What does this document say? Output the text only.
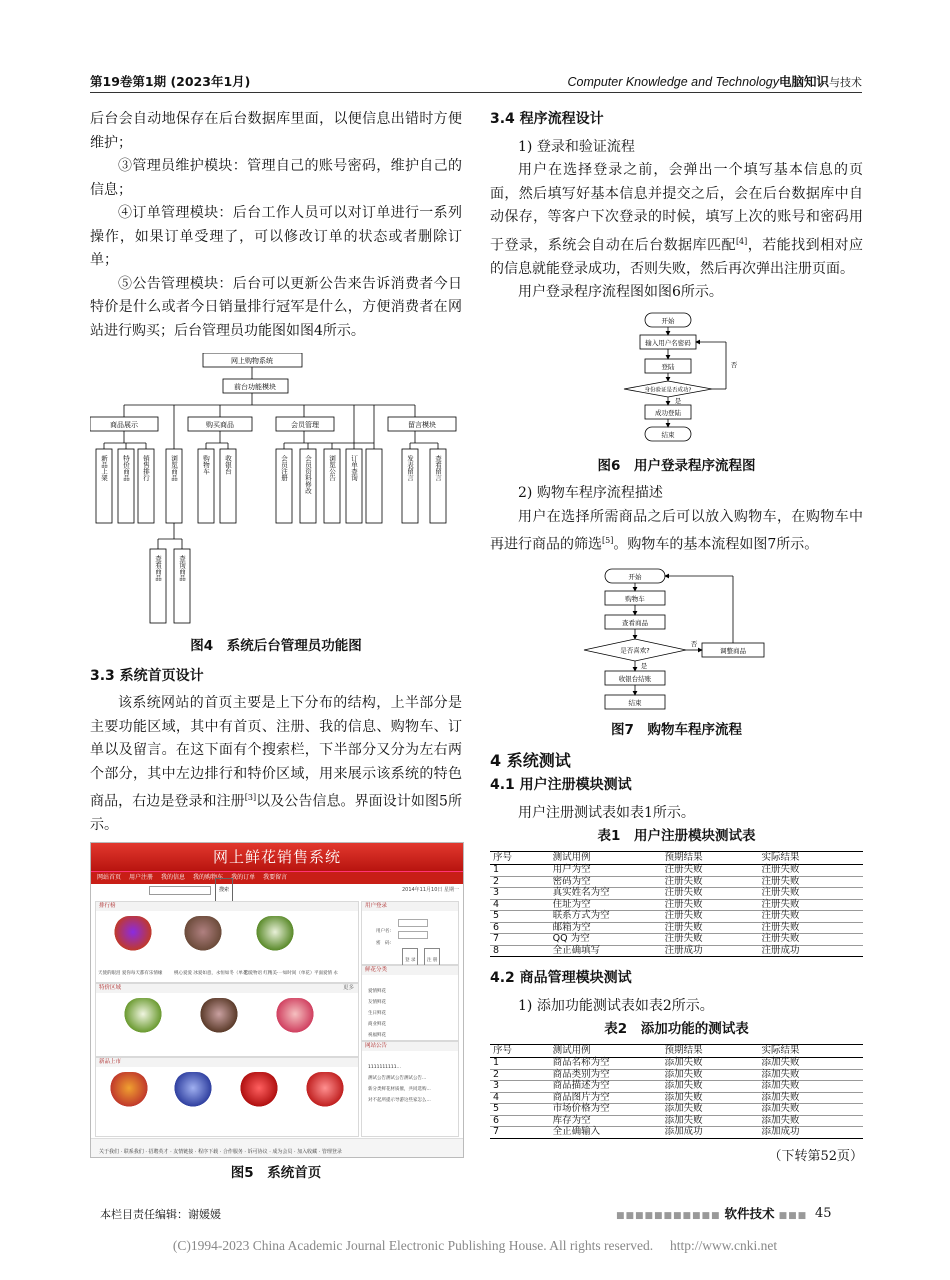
第19卷第1期 (2023年1月)	Computer Knowledge and Technology电脑知识与技术

后台会自动地保存在后台数据库里面，以便信息出错时方便维护；

③管理员维护模块：管理自己的账号密码，维护自己的信息；

④订单管理模块：后台工作人员可以对订单进行一系列操作，如果订单受理了，可以修改订单的状态或者删除订单；

⑤公告管理模块：后台可以更新公告来告诉消费者今日特价是什么或者今日销量排行冠军是什么，方便消费者在网站进行购买；后台管理员功能图如图4所示。

网上购物系统
前台功能模块
商品展示	购买商品	会员管理	留言模块
新品上架 特价商品 销售排行	浏览商品	购物车 收银台	会员注册 会员资料修改 浏览公告 订单查询	发表留言	查看留言
查看商品 查询商品
图4　系统后台管理员功能图
3.3 系统首页设计

该系统网站的首页主要是上下分布的结构，上半部分是主要功能区域，其中有首页、注册、我的信息、购物车、订单以及留言。在这下面有个搜索栏，下半部分又分为左右两个部分，其中左边排行和特价区域，用来展示该系统的特色商品，右边是登录和注册[3]以及公告信息。界面设计如图5所示。

网上鲜花销售系统
网站首页 用户注册 我的信息 我的购物车 我的订单 我要留言
搜索	2014年11月10日 星期一
排行榜
天使的眼泪 爱你每天都有乐情缘	桃心爱爱 冰爱如意，永恒如冬（单花）
恋爱物语 红精美·一如时间（单花） 平面爱情 永
特价区域	更多
新品上市
用户登录
用户名:
密　码:
登 录	注 册
鲜花分类
爱情鲜花
友情鲜花
生日鲜花
商业鲜花
祝福鲜花
网站公告
1111111111...
测试公告测试公告测试公告...
新分类鲜花材质催，共同选购...
对不起所提示导游这些家怎么...
关于我们 · 联系我们 · 招聘英才 · 友情链接 · 程序下载 · 合作服务 · 诉可协议 · 成为会员 · 加入收藏 · 管理登录
图5　系统首页
3.4 程序流程设计

1) 登录和验证流程

用户在选择登录之前，会弹出一个填写基本信息的页面，然后填写好基本信息并提交之后，会在后台数据库中自动保存，等客户下次登录的时候，填写上次的账号和密码用于登录，系统会自动在后台数据库匹配[4]，若能找到相对应的信息就能登录成功，否则失败，然后再次弹出注册页面。

用户登录程序流程图如图6所示。

开始
输入用户名密码
登陆
身份验证是否成功?
否
是
成功登陆
结束
图6　用户登录程序流程图

2) 购物车程序流程描述

用户在选择所需商品之后可以放入购物车，在购物车中再进行商品的筛选[5]。购物车的基本流程如图7所示。

开始
购物车
查看商品
是否喜欢?
否
调整商品
是
收银台结账
结束
图7　购物车程序流程
4 系统测试
4.1 用户注册模块测试

用户注册测试表如表1所示。

表1　用户注册模块测试表
序号	测试用例	预期结果	实际结果
1	用户为空	注册失败	注册失败
2	密码为空	注册失败	注册失败
3	真实姓名为空	注册失败	注册失败
4	住址为空	注册失败	注册失败
5	联系方式为空	注册失败	注册失败
6	邮箱为空	注册失败	注册失败
7	QQ 为空	注册失败	注册失败
8	全正确填写	注册成功	注册成功
4.2 商品管理模块测试

1) 添加功能测试表如表2所示。

表2　添加功能的测试表
序号	测试用例	预期结果	实际结果
1	商品名称为空	添加失败	添加失败
2	商品类别为空	添加失败	添加失败
3	商品描述为空	添加失败	添加失败
4	商品图片为空	添加失败	添加失败
5	市场价格为空	添加失败	添加失败
6	库存为空	添加失败	添加失败
7	全正确输入	添加成功	添加成功
（下转第52页）
本栏目责任编辑：谢媛媛	■■■■■■■■■■■ 软件技术 ■■■ 45
(C)1994-2023 China Academic Journal Electronic Publishing House. All rights reserved.　 http://www.cnki.net
